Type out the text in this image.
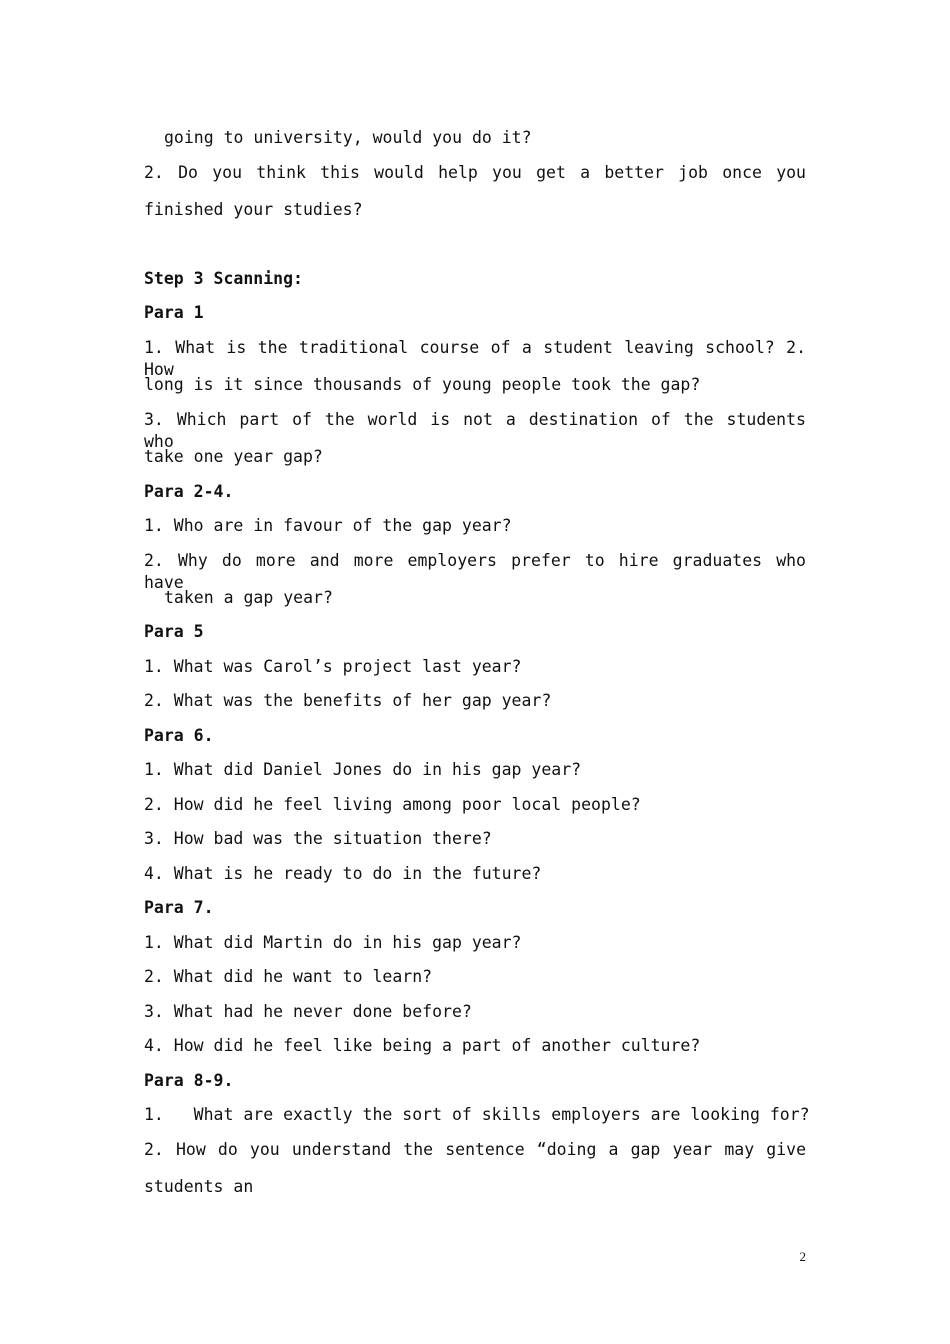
going to university, would you do it?
2. Do you think this would help you get a better job once you
finished your studies?
Step 3 Scanning:
Para 1
1. What is the traditional course of a student leaving school? 2. How
long is it since thousands of young people took the gap?
3. Which part of the world is not a destination of the students who
take one year gap?
Para 2-4.
1. Who are in favour of the gap year?
2. Why do more and more employers prefer to hire graduates who have
taken a gap year?
Para 5
1. What was Carol’s project last year?
2. What was the benefits of her gap year?
Para 6.
1. What did Daniel Jones do in his gap year?
2. How did he feel living among poor local people?
3. How bad was the situation there?
4. What is he ready to do in the future?
Para 7.
1. What did Martin do in his gap year?
2. What did he want to learn?
3. What had he never done before?
4. How did he feel like being a part of another culture?
Para 8-9.
1.   What are exactly the sort of skills employers are looking for?
2. How do you understand the sentence “doing a gap year may give
students an
2
